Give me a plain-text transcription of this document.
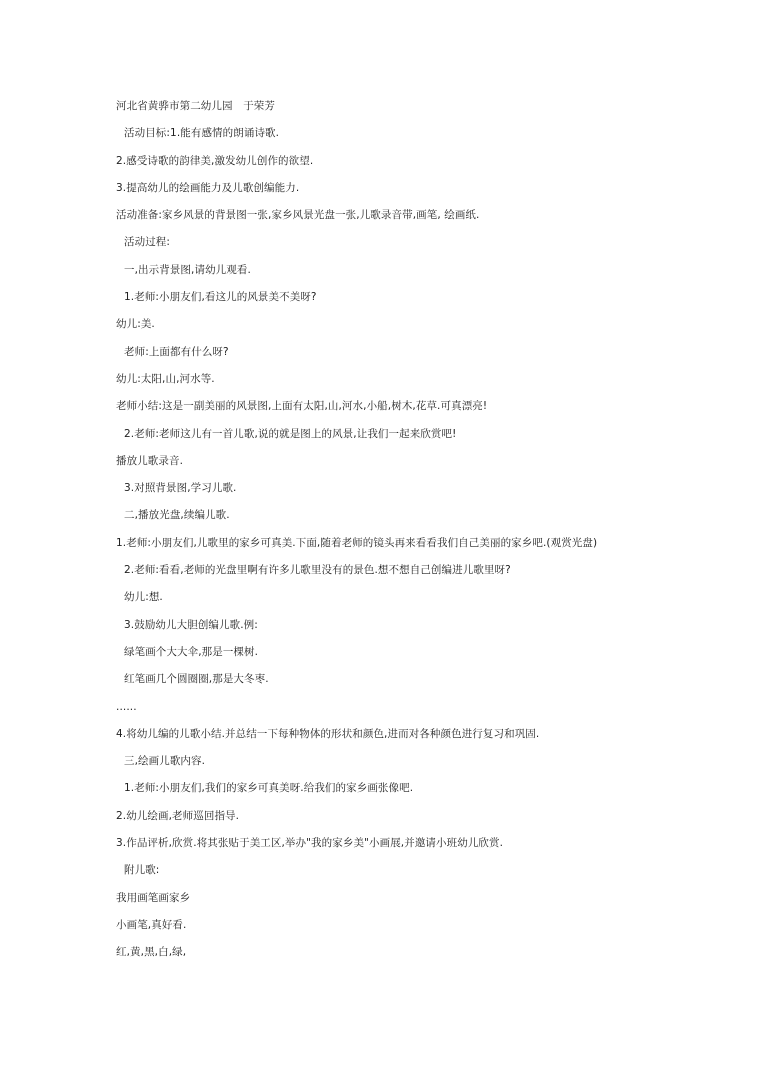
河北省黄骅市第二幼儿园　于荣芳
活动目标:1.能有感情的朗诵诗歌.
2.感受诗歌的韵律美,激发幼儿创作的欲望.
3.提高幼儿的绘画能力及儿歌创编能力.
活动准备:家乡风景的背景图一张,家乡风景光盘一张,儿歌录音带,画笔, 绘画纸.
活动过程:
一,出示背景图,请幼儿观看.
1.老师:小朋友们,看这儿的风景美不美呀?
幼儿:美.
老师:上面都有什么呀?
幼儿:太阳,山,河水等.
老师小结:这是一副美丽的风景图,上面有太阳,山,河水,小船,树木,花草.可真漂亮!
2.老师:老师这儿有一首儿歌,说的就是图上的风景,让我们一起来欣赏吧!
播放儿歌录音.
3.对照背景图,学习儿歌.
二,播放光盘,续编儿歌.
1.老师:小朋友们,儿歌里的家乡可真美.下面,随着老师的镜头再来看看我们自己美丽的家乡吧.(观赏光盘)
2.老师:看看,老师的光盘里啊有许多儿歌里没有的景色.想不想自己创编进儿歌里呀?
幼儿:想.
3.鼓励幼儿大胆创编儿歌.例:
绿笔画个大大伞,那是一棵树.
红笔画几个圆圈圈,那是大冬枣.
......
4.将幼儿编的儿歌小结.并总结一下每种物体的形状和颜色,进而对各种颜色进行复习和巩固.
三,绘画儿歌内容.
1.老师:小朋友们,我们的家乡可真美呀.给我们的家乡画张像吧.
2.幼儿绘画,老师巡回指导.
3.作品评析,欣赏.将其张贴于美工区,举办"我的家乡美"小画展,并邀请小班幼儿欣赏.
附儿歌:
我用画笔画家乡
小画笔,真好看.
红,黄,黑,白,绿,
